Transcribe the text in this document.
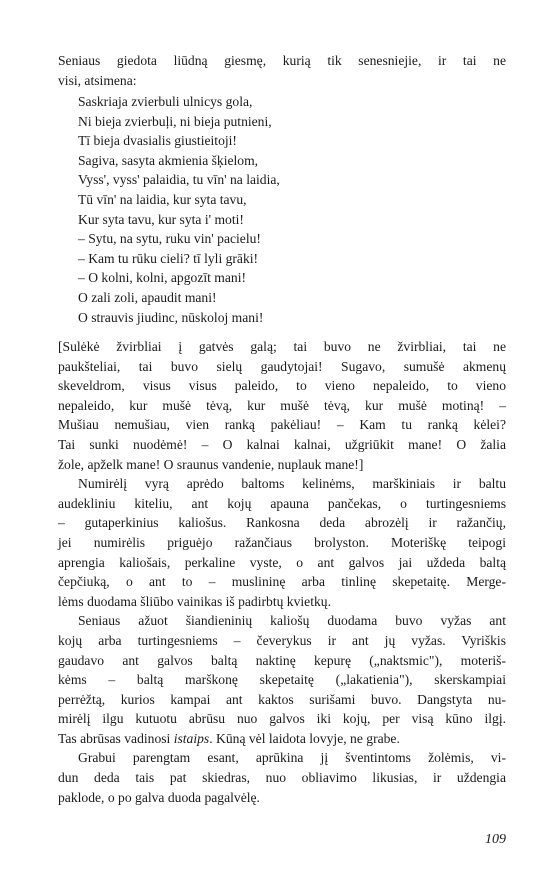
Seniaus giedota liūdną giesmę, kurią tik senesniejie, ir tai ne
visi, atsimena:
Saskriaja zvierbuli ulnicys gola,
Ni bieja zvierbuļi, ni bieja putnieni,
Tī bieja dvasialis giustieitoji!
Sagiva, sasyta akmienia šķielom,
Vyss', vyss' palaidia, tu vīn' na laidia,
Tū vīn' na laidia, kur syta tavu,
Kur syta tavu, kur syta i' moti!
– Sytu, na sytu, ruku vin' pacielu!
– Kam tu rūku cieli? tī lyli grāki!
– O kolni, kolni, apgozīt mani!
O zali zoli, apaudit mani!
O strauvis jiudinc, nūskoloj mani!
[Sulėkė žvirbliai į gatvės galą; tai buvo ne žvirbliai, tai ne
paukšteliai, tai buvo sielų gaudytojai! Sugavo, sumušė akmenų
skeveldrom, visus visus paleido, to vieno nepaleido, to vieno
nepaleido, kur mušė tėvą, kur mušė tėvą, kur mušė motiną! –
Mušiau nemušiau, vien ranką pakėliau! – Kam tu ranką kėlei?
Tai sunki nuodėmė! – O kalnai kalnai, užgriūkit mane! O žalia
žole, apželk mane! O sraunus vandenie, nuplauk mane!]
Numirėlį vyrą aprėdo baltoms kelinėms, marškiniais ir baltu
audekliniu kiteliu, ant kojų apauna pančekas, o turtingesniems
– gutaperkinius kaliošus. Rankosna deda abrozėlį ir ražančių,
jei numirėlis priguėjo ražančiaus brolyston. Moteriškę teipogi
aprengia kaliošais, perkaline vyste, o ant galvos jai uždeda baltą
čepčiuką, o ant to – muslininę arba tinlinę skepetaitę. Merge-
lėms duodama šliūbo vainikas iš padirbtų kvietkų.
Seniaus ažuot šiandieninių kaliošų duodama buvo vyžas ant
kojų arba turtingesniems – čeverykus ir ant jų vyžas. Vyriškis
gaudavo ant galvos baltą naktinę kepurę („naktsmic"), moteriš-
kėms – baltą marškonę skepetaitę („lakatienia"), skerskampiai
perrėžtą, kurios kampai ant kaktos surišami buvo. Dangstyta nu-
mirėlį ilgu kutuotu abrūsu nuo galvos iki kojų, per visą kūno ilgį.
Tas abrūsas vadinosi istaips. Kūną vėl laidota lovyje, ne grabe.
Grabui parengtam esant, aprūkina jį šventintoms žolėmis, vi-
dun deda tais pat skiedras, nuo obliavimo likusias, ir uždengia
paklode, o po galva duoda pagalvėlę.
109
